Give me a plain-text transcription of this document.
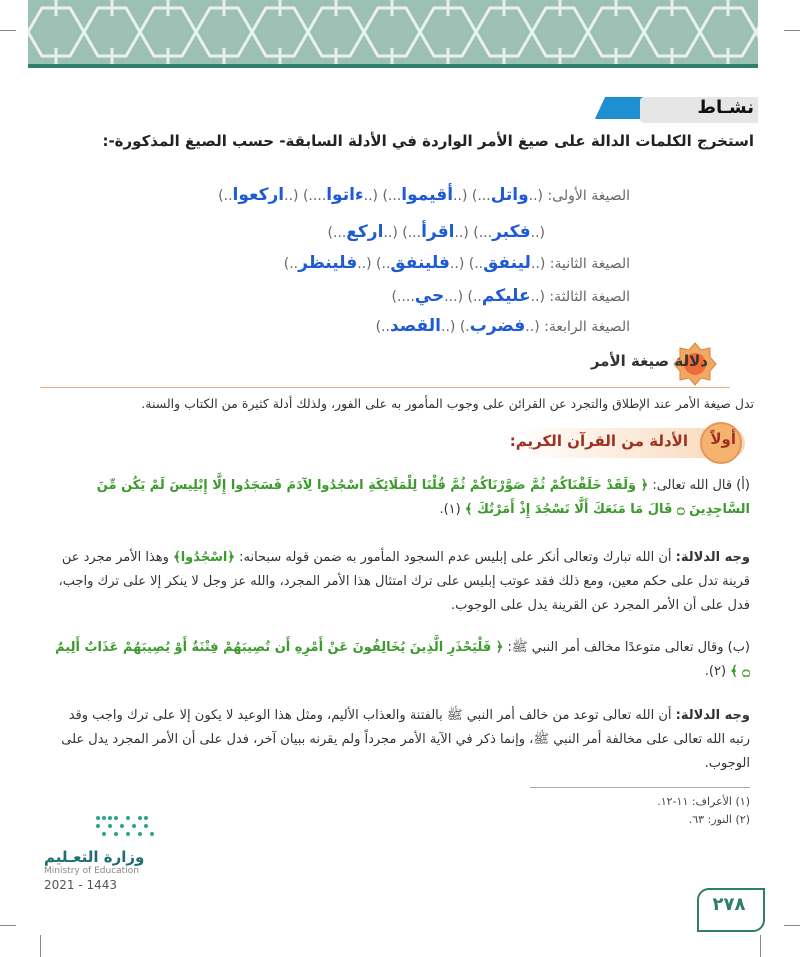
نشـاط
استخرج الكلمات الدالة على صيغ الأمر الواردة في الأدلة السابقة- حسب الصيغ المذكورة-:
الصيغة الأولى: (..واتل...) (..أقيموا...) (..ءاتوا....) (..اركعوا..)
(..فكبر...) (..اقرأ...) (..اركع...)
الصيغة الثانية: (..لينفق..) (..فلينفق..) (..فلينظر..)
الصيغة الثالثة: (..عليكم..) (...حي....)
الصيغة الرابعة: (..فضرب.) (..القصد..)
دلالة صيغة الأمر
تدل صيغة الأمر عند الإطلاق والتجرد عن القرائن على وجوب المأمور به على الفور، ولذلك أدلة كثيرة من الكتاب والسنة.
أولاً
الأدلة من القرآن الكريم:
(أ) قال الله تعالى: ﴿ وَلَقَدْ خَلَقْنَاكُمْ ثُمَّ صَوَّرْنَاكُمْ ثُمَّ قُلْنَا لِلْمَلَائِكَةِ اسْجُدُوا لِآدَمَ فَسَجَدُوا إِلَّا إِبْلِيسَ لَمْ يَكُن مِّنَ السَّاجِدِينَ ۝ قَالَ مَا مَنَعَكَ أَلَّا تَسْجُدَ إِذْ أَمَرْتُكَ ﴾ (١).
وجه الدلالة: أن الله تبارك وتعالى أنكر على إبليس عدم السجود المأمور به ضمن قوله سبحانه: ﴿اسْجُدُوا﴾ وهذا الأمر مجرد عن قرينة تدل على حكم معين، ومع ذلك فقد عوتب إبليس على ترك امتثال هذا الأمر المجرد، والله عز وجل لا ينكر إلا على ترك واجب، فدل على أن الأمر المجرد عن القرينة يدل على الوجوب.
(ب) وقال تعالى متوعدًا مخالف أمر النبي ﷺ: ﴿ فَلْيَحْذَرِ الَّذِينَ يُخَالِفُونَ عَنْ أَمْرِهِ أَن تُصِيبَهُمْ فِتْنَةٌ أَوْ يُصِيبَهُمْ عَذَابٌ أَلِيمٌ ۝ ﴾ (٢).
وجه الدلالة: أن الله تعالى توعد من خالف أمر النبي ﷺ بالفتنة والعذاب الأليم، ومثل هذا الوعيد لا يكون إلا على ترك واجب وقد رتبه الله تعالى على مخالفة أمر النبي ﷺ، وإنما ذكر في الآية الأمر مجرداً ولم يقرنه ببيان آخر، فدل على أن الأمر المجرد يدل على الوجوب.
(١) الأعراف: ١١-١٢.
(٢) النور: ٦٣.
وزارة التعـليم
Ministry of Education
2021 - 1443
٢٧٨
